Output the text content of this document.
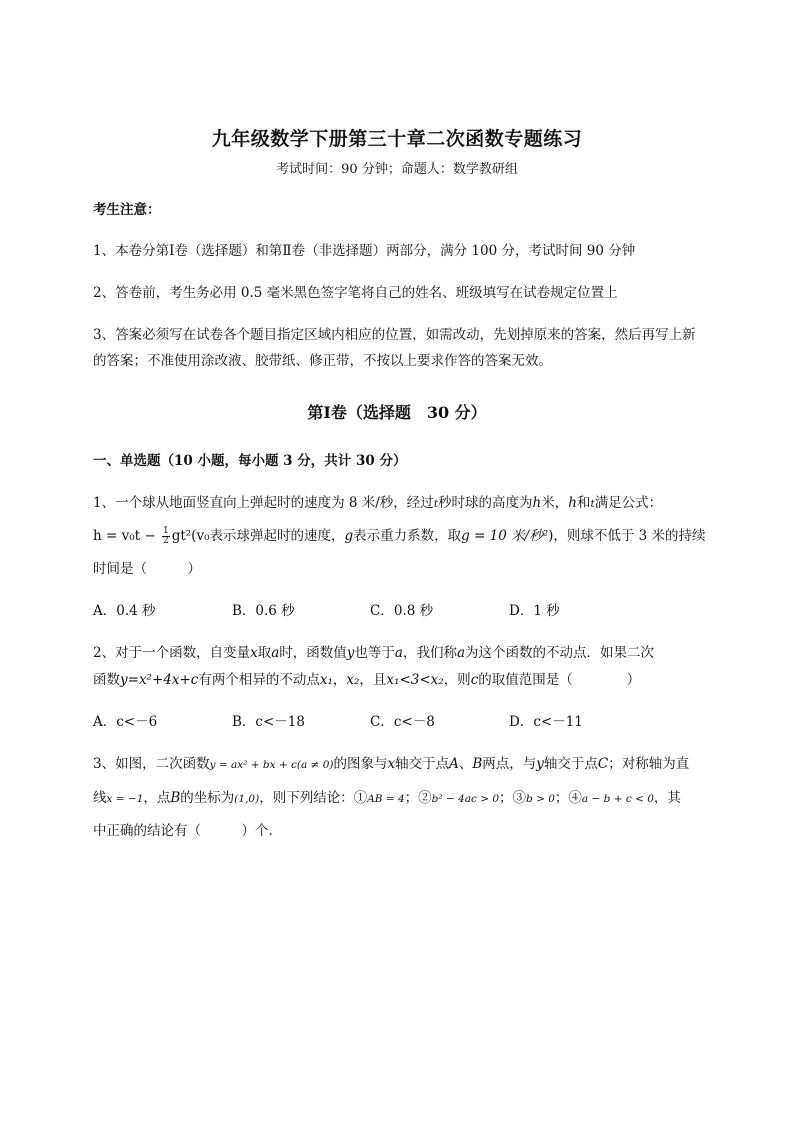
九年级数学下册第三十章二次函数专题练习
考试时间：90 分钟；命题人：数学教研组
考生注意：
1、本卷分第Ⅰ卷（选择题）和第Ⅱ卷（非选择题）两部分，满分 100 分，考试时间 90 分钟
2、答卷前，考生务必用 0.5 毫米黑色签字笔将自己的姓名、班级填写在试卷规定位置上
3、答案必须写在试卷各个题目指定区域内相应的位置，如需改动，先划掉原来的答案，然后再写上新
的答案；不准使用涂改液、胶带纸、修正带，不按以上要求作答的答案无效。
第Ⅰ卷（选择题　30 分）
一、单选题（10 小题，每小题 3 分，共计 30 分）
1、一个球从地面竖直向上弹起时的速度为 8 米/秒，经过t秒时球的高度为h米，h和t满足公式：
$h = v_0t - \frac{1}{2} gt^2(v_0$表示球弹起时的速度，g表示重力系数，取g = 10 米/秒²)，则球不低于 3 米的持续
时间是（　　　）
A．0.4 秒	B．0.6 秒	C．0.8 秒	D．1 秒
2、对于一个函数，自变量x取a时，函数值y也等于a，我们称a为这个函数的不动点．如果二次
函数y=x²+4x+c有两个相异的不动点x₁，x₂，且x₁<3<x₂，则c的取值范围是（　　　　）
A．c<－6	B．c<－18	C．c<－8	D．c<－11
3、如图，二次函数y = ax² + bx + c(a ≠ 0)的图象与x轴交于点A、B两点，与y轴交于点C；对称轴为直
线x = −1，点B的坐标为(1,0)，则下列结论：①AB = 4；②b² − 4ac > 0；③b > 0；④a − b + c < 0，其
中正确的结论有（　　　）个．
